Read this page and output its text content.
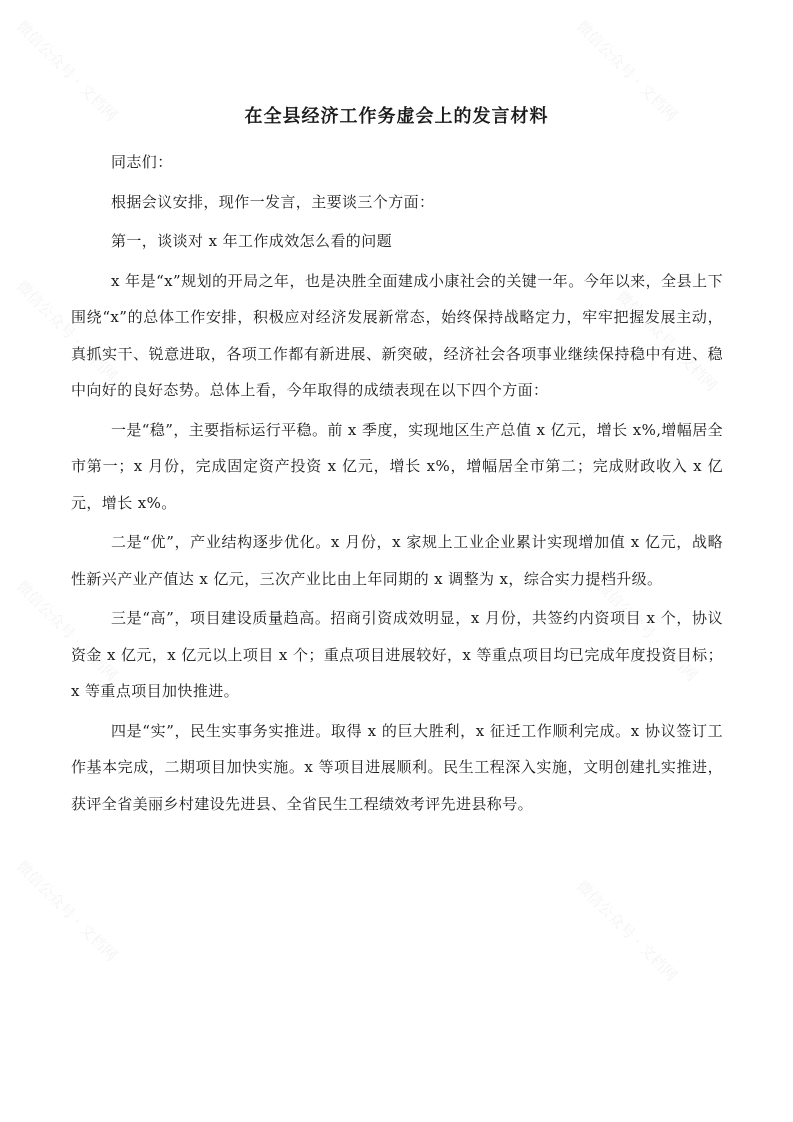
微信公众号 · 文档网	微信公众号 · 文档网
微信公众号 · 文档网	微信公众号 · 文档网
微信公众号 · 文档网	微信公众号 · 文档网
微信公众号 · 文档网	微信公众号 · 文档网
在全县经济工作务虚会上的发言材料

同志们：

根据会议安排，现作一发言，主要谈三个方面：

第一，谈谈对 x 年工作成效怎么看的问题

x 年是“x”规划的开局之年，也是决胜全面建成小康社会的关键一年。今年以来，全县上下围绕“x”的总体工作安排，积极应对经济发展新常态，始终保持战略定力，牢牢把握发展主动，真抓实干、锐意进取，各项工作都有新进展、新突破，经济社会各项事业继续保持稳中有进、稳中向好的良好态势。总体上看，今年取得的成绩表现在以下四个方面：

一是“稳”，主要指标运行平稳。前 x 季度，实现地区生产总值 x 亿元，增长 x%,增幅居全市第一；x 月份，完成固定资产投资 x 亿元，增长 x%，增幅居全市第二；完成财政收入 x 亿元，增长 x%。

二是“优”，产业结构逐步优化。x 月份，x 家规上工业企业累计实现增加值 x 亿元，战略性新兴产业产值达 x 亿元，三次产业比由上年同期的 x 调整为 x，综合实力提档升级。

三是“高”，项目建设质量趋高。招商引资成效明显，x 月份，共签约内资项目 x 个，协议资金 x 亿元，x 亿元以上项目 x 个；重点项目进展较好，x 等重点项目均已完成年度投资目标；x 等重点项目加快推进。

四是“实”，民生实事务实推进。取得 x 的巨大胜利，x 征迁工作顺利完成。x 协议签订工作基本完成，二期项目加快实施。x 等项目进展顺利。民生工程深入实施，文明创建扎实推进，获评全省美丽乡村建设先进县、全省民生工程绩效考评先进县称号。
